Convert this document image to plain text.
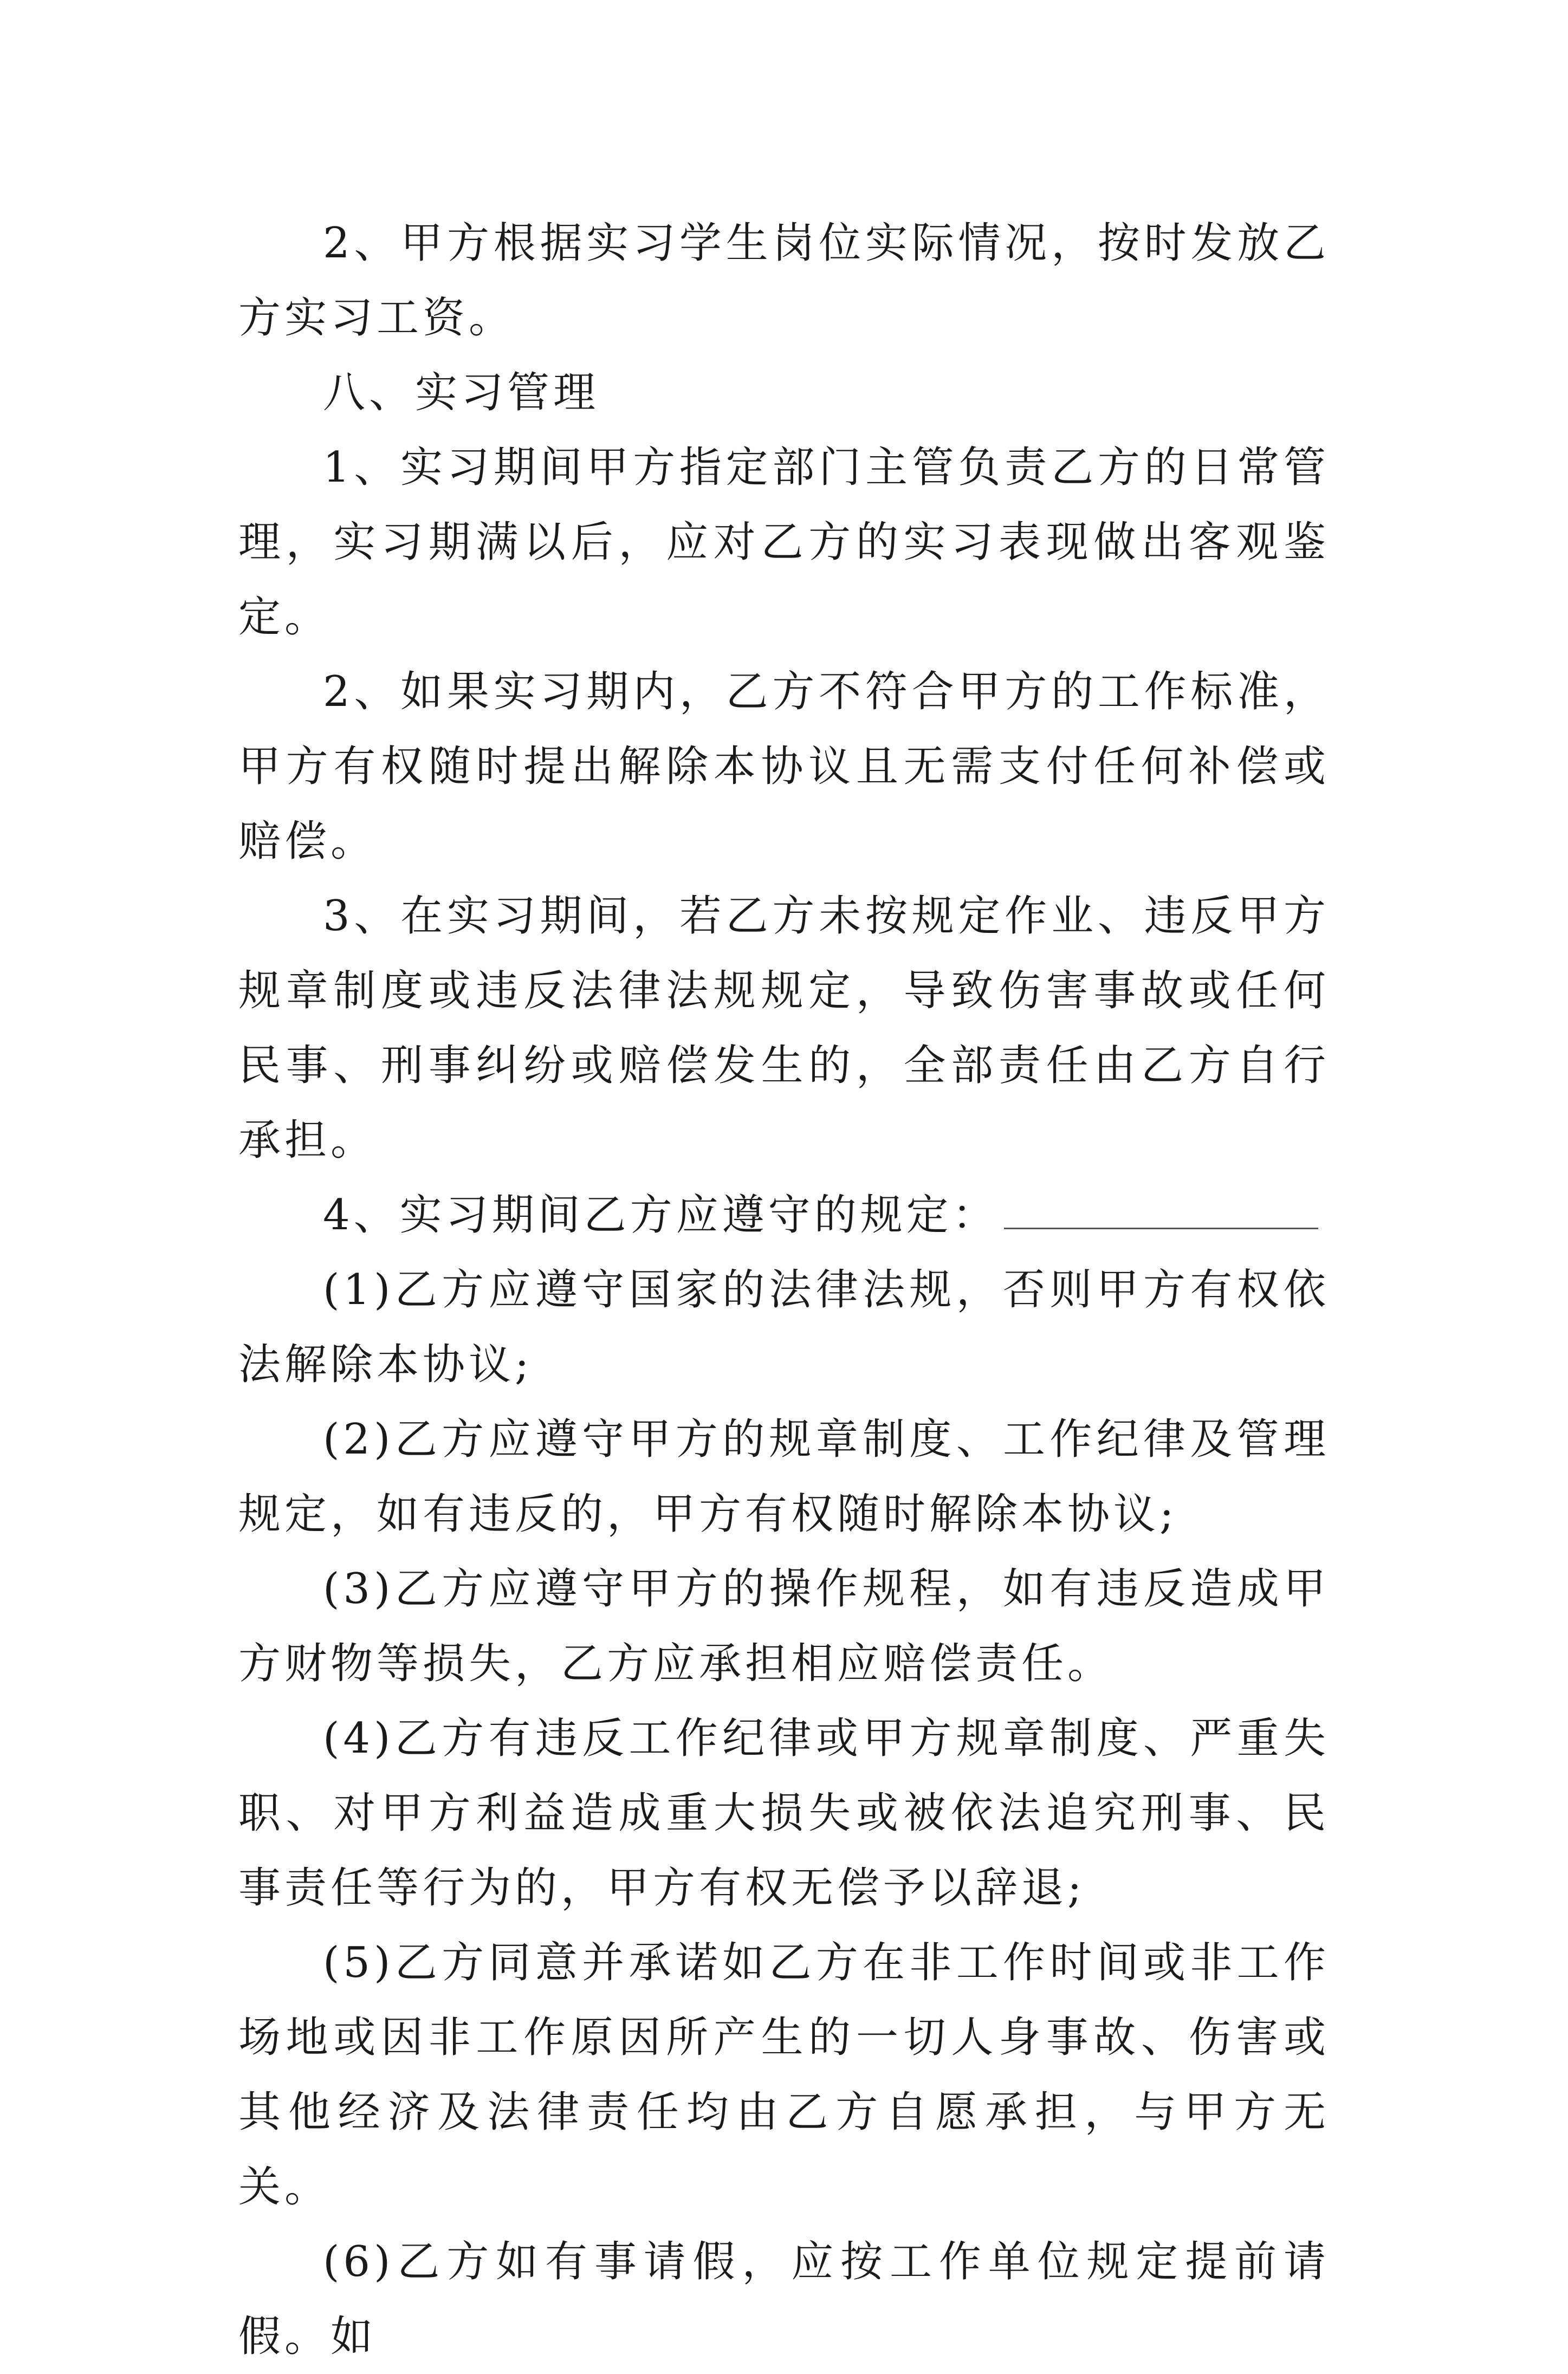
2、甲方根据实习学生岗位实际情况，按时发放乙方实习工资。

八、实习管理

1、实习期间甲方指定部门主管负责乙方的日常管理，实习期满以后，应对乙方的实习表现做出客观鉴定。

2、如果实习期内，乙方不符合甲方的工作标准，甲方有权随时提出解除本协议且无需支付任何补偿或赔偿。

3、在实习期间，若乙方未按规定作业、违反甲方规章制度或违反法律法规规定，导致伤害事故或任何民事、刑事纠纷或赔偿发生的，全部责任由乙方自行承担。

4、实习期间乙方应遵守的规定：

(1)乙方应遵守国家的法律法规，否则甲方有权依法解除本协议;

(2)乙方应遵守甲方的规章制度、工作纪律及管理规定，如有违反的，甲方有权随时解除本协议;

(3)乙方应遵守甲方的操作规程，如有违反造成甲方财物等损失，乙方应承担相应赔偿责任。

(4)乙方有违反工作纪律或甲方规章制度、严重失职、对甲方利益造成重大损失或被依法追究刑事、民事责任等行为的，甲方有权无偿予以辞退;

(5)乙方同意并承诺如乙方在非工作时间或非工作场地或因非工作原因所产生的一切人身事故、伤害或其他经济及法律责任均由乙方自愿承担，与甲方无关。

(6)乙方如有事请假，应按工作单位规定提前请假。如
